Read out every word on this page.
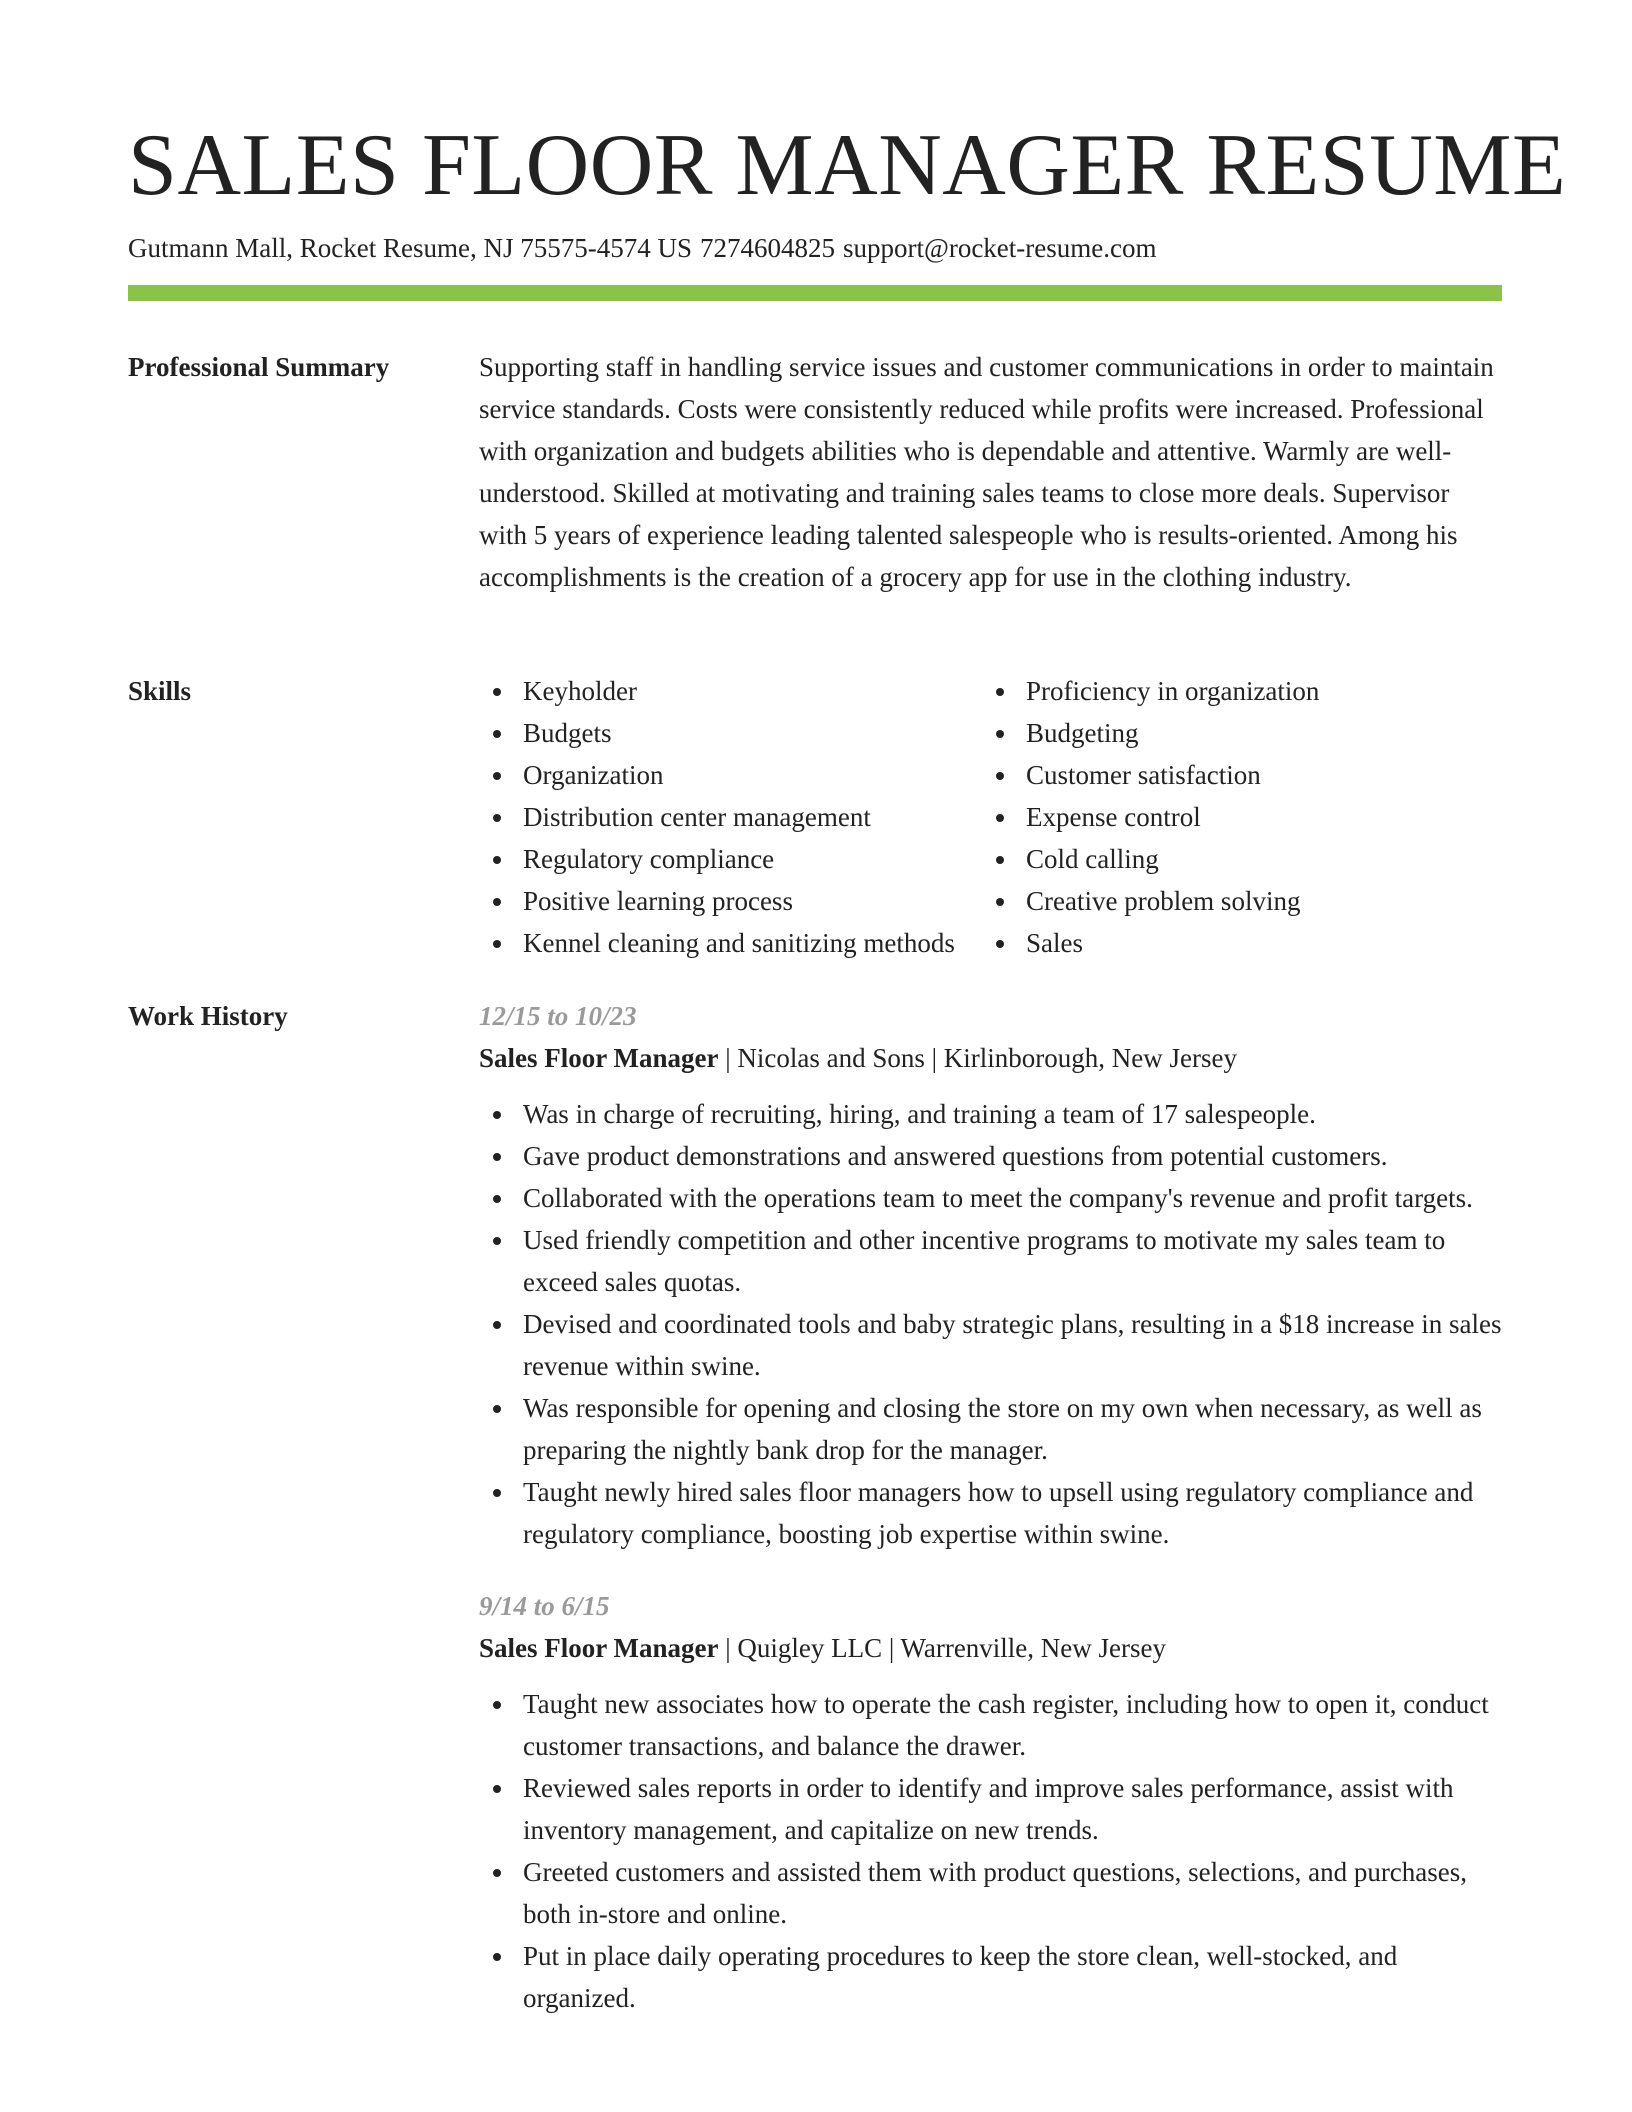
SALES FLOOR MANAGER RESUME
Gutmann Mall, Rocket Resume, NJ 75575-4574 US 7274604825 support@rocket-resume.com
Professional Summary	Supporting staff in handling service issues and customer communications in order to maintain service standards. Costs were consistently reduced while profits were increased. Professional with organization and budgets abilities who is dependable and attentive. Warmly are well-understood. Skilled at motivating and training sales teams to close more deals. Supervisor with 5 years of experience leading talented salespeople who is results-oriented. Among his accomplishments is the creation of a grocery app for use in the clothing industry.

Skills	Keyholder
Budgets
Organization
Distribution center management
Regulatory compliance
Positive learning process
Kennel cleaning and sanitizing methods
Proficiency in organization
Budgeting
Customer satisfaction
Expense control
Cold calling
Creative problem solving
Sales
Work History	12/15 to 10/23
Sales Floor Manager | Nicolas and Sons | Kirlinborough, New Jersey
Was in charge of recruiting, hiring, and training a team of 17 salespeople.
Gave product demonstrations and answered questions from potential customers.
Collaborated with the operations team to meet the company's revenue and profit targets.
Used friendly competition and other incentive programs to motivate my sales team to exceed sales quotas.
Devised and coordinated tools and baby strategic plans, resulting in a $18 increase in sales revenue within swine.
Was responsible for opening and closing the store on my own when necessary, as well as preparing the nightly bank drop for the manager.
Taught newly hired sales floor managers how to upsell using regulatory compliance and regulatory compliance, boosting job expertise within swine.
9/14 to 6/15
Sales Floor Manager | Quigley LLC | Warrenville, New Jersey
Taught new associates how to operate the cash register, including how to open it, conduct customer transactions, and balance the drawer.
Reviewed sales reports in order to identify and improve sales performance, assist with inventory management, and capitalize on new trends.
Greeted customers and assisted them with product questions, selections, and purchases, both in-store and online.
Put in place daily operating procedures to keep the store clean, well-stocked, and organized.
